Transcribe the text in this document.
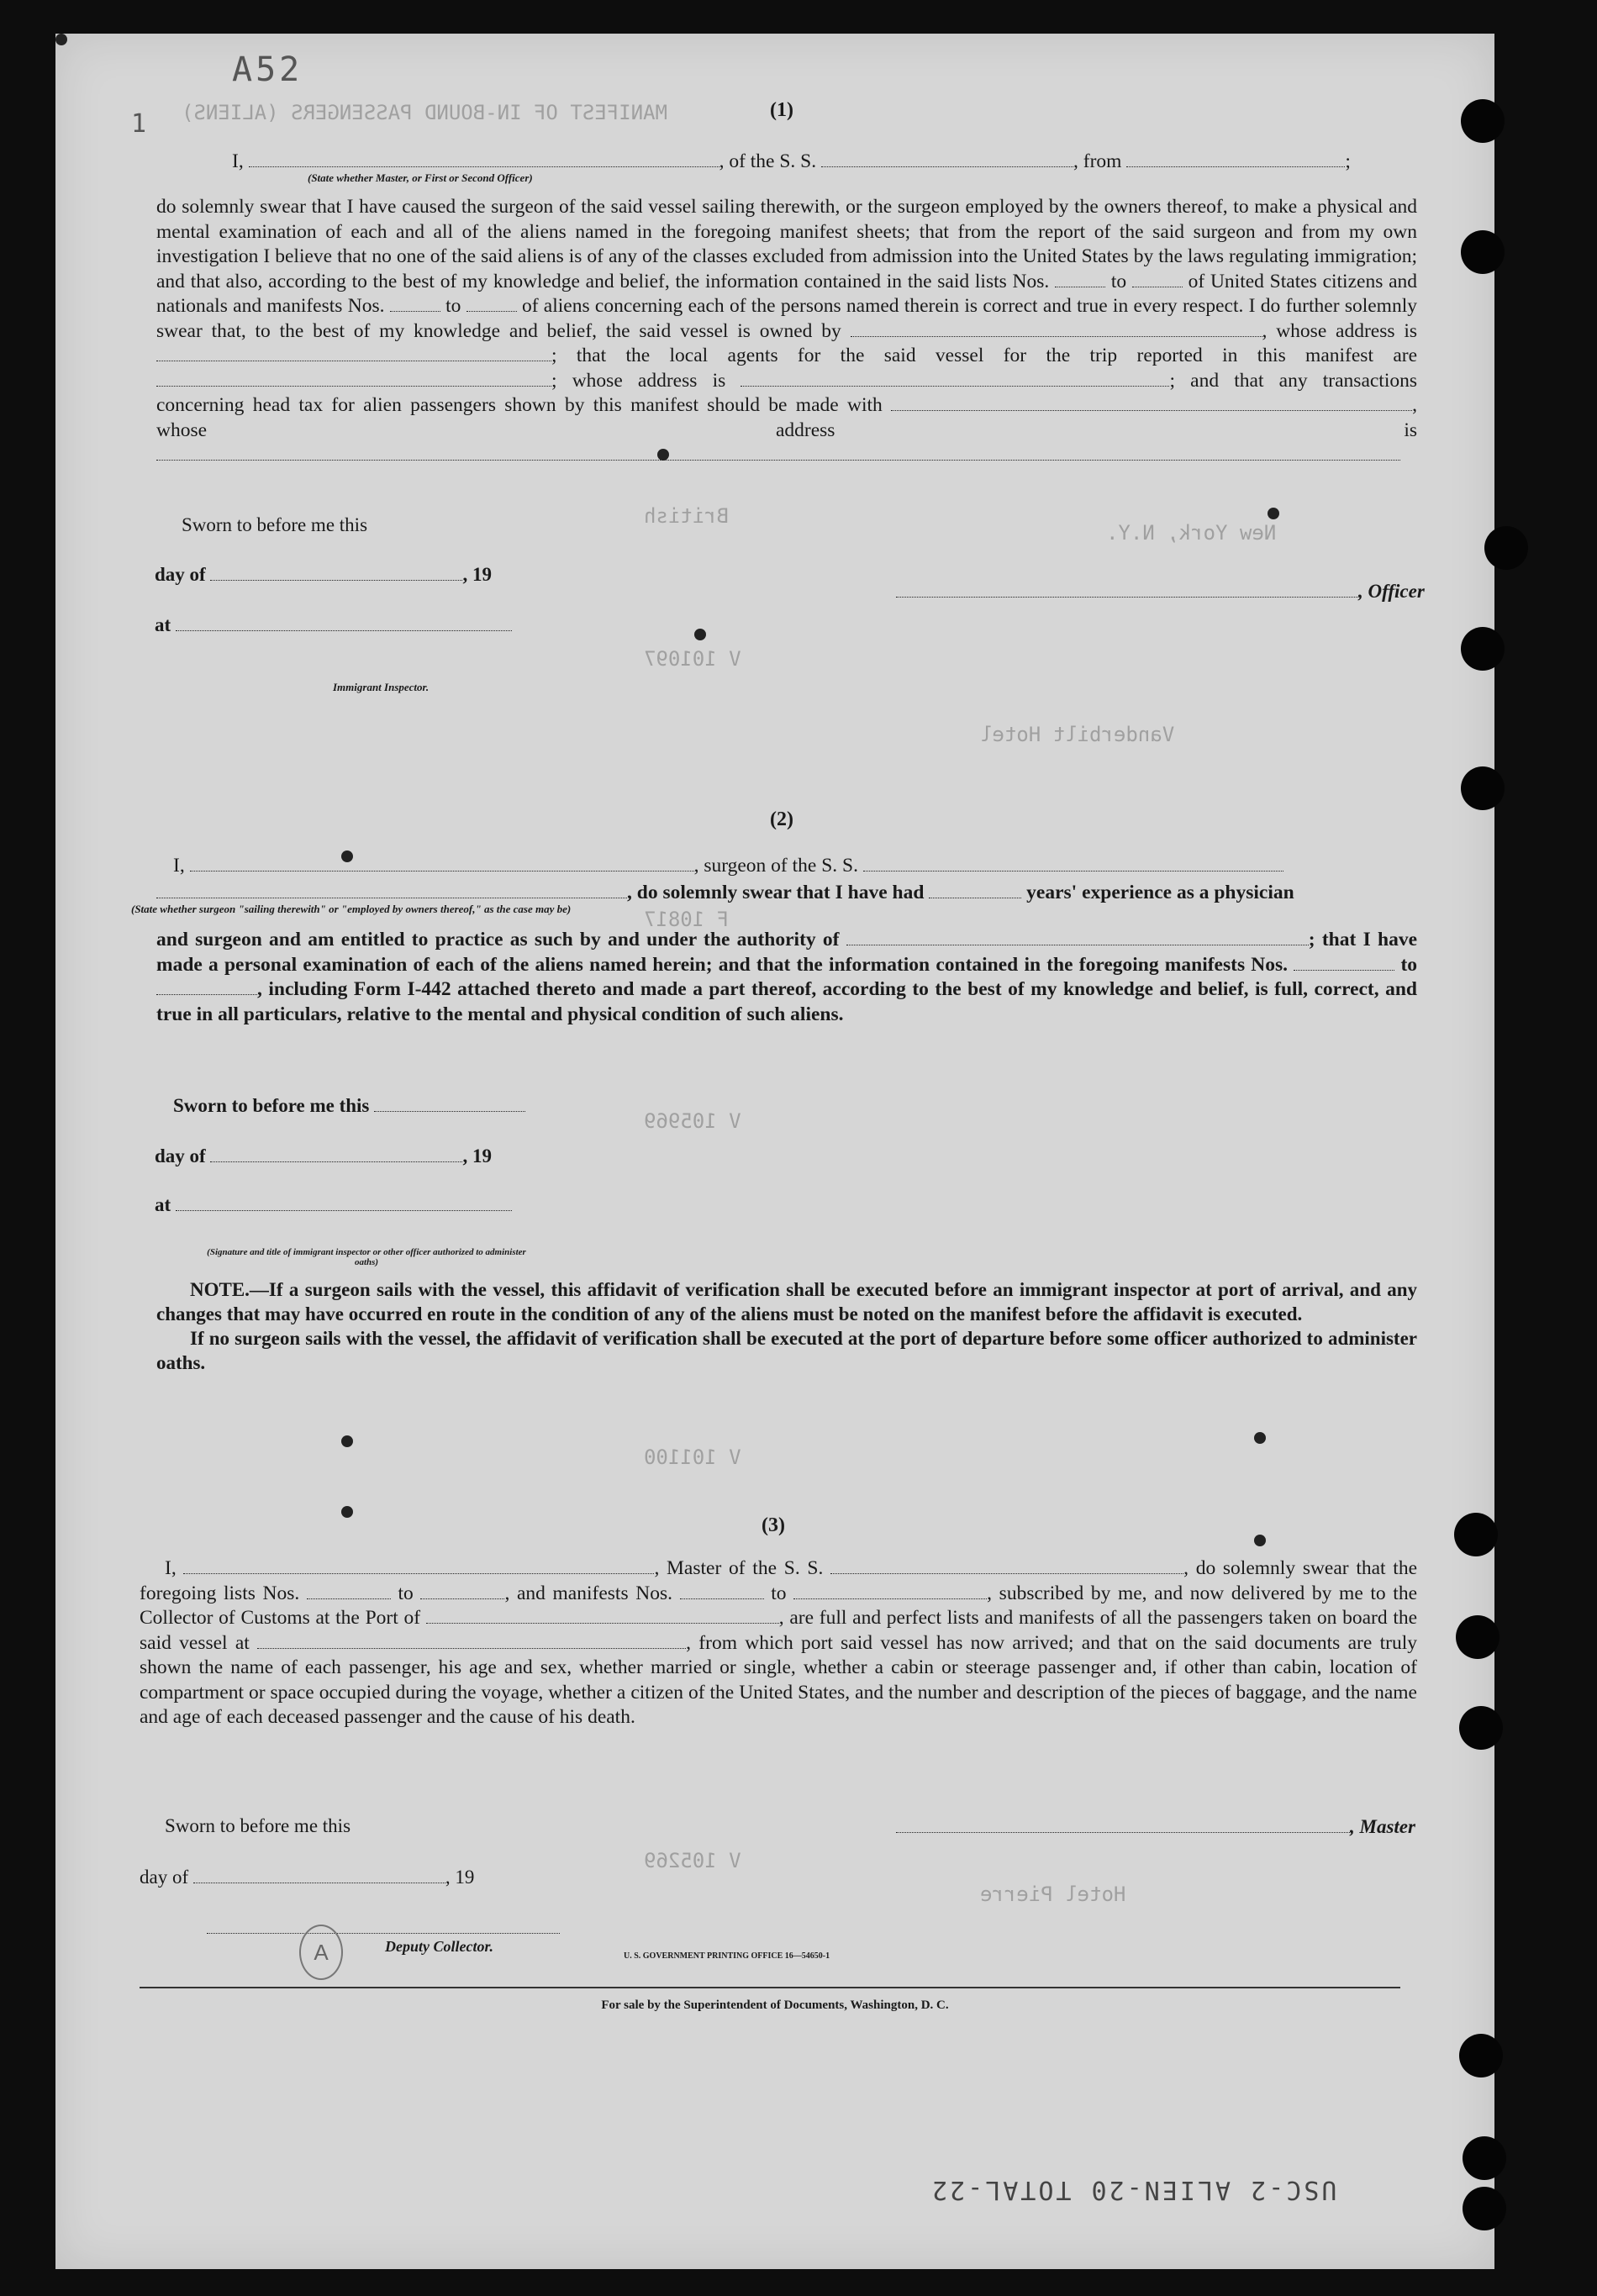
A52
1 MANIFEST OF IN-BOUND PASSENGERS (ALIENS)
British
New York, N.Y.
V 101097
Vanderbilt Hotel
F 10817
V 105969
V 101100
V 105269
Hotel Pierre
(1)
I,	, of the S. S.	, from	;
(State whether Master, or First or Second Officer)
do solemnly swear that I have caused the surgeon of the said vessel sailing therewith, or the surgeon employed by the owners thereof, to make a physical and mental examination of each and all of the aliens named in the foregoing manifest sheets; that from the report of the said surgeon and from my own investigation I believe that no one of the said aliens is of any of the classes excluded from admission into the United States by the laws regulating immigration; and that also, according to the best of my knowledge and belief, the information contained in the said lists Nos.	to	of United States citizens and nationals and manifests Nos.	to	of aliens concerning each of the persons named therein is correct and true in every respect. I do further solemnly swear that, to the best of my knowledge and belief, the said vessel is owned by	, whose address is ; that the local agents for the said vessel for the trip reported in this manifest are ; whose address is	; and that any transactions concerning head tax for alien passengers shown by this manifest should be made with	, whose address is
Sworn to before me this
day of	, 19
at
Immigrant Inspector.
, Officer
(2)
I,	, surgeon of the S. S.
, do solemnly swear that I have had	years' experience as a physician
(State whether surgeon "sailing therewith" or "employed by owners thereof," as the case may be)
and surgeon and am entitled to practice as such by and under the authority of	; that I have made a personal examination of each of the aliens named herein; and that the information contained in the foregoing manifests Nos.	to , including Form I-442 attached thereto and made a part thereof, according to the best of my knowledge and belief, is full, correct, and true in all particulars, relative to the mental and physical condition of such aliens.
Sworn to before me this
day of	, 19
at
(Signature and title of immigrant inspector or other officer authorized to administer oaths)
NOTE.—If a surgeon sails with the vessel, this affidavit of verification shall be executed before an immigrant inspector at port of arrival, and any changes that may have occurred en route in the condition of any of the aliens must be noted on the manifest before the affidavit is executed.
If no surgeon sails with the vessel, the affidavit of verification shall be executed at the port of departure before some officer authorized to administer oaths.
(3)
I,	, Master of the S. S.	, do solemnly swear that the foregoing lists Nos.	to	, and manifests Nos.	to	, subscribed by me, and now delivered by me to the Collector of Customs at the Port of	, are full and perfect lists and manifests of all the passengers taken on board the said vessel at	, from which port said vessel has now arrived; and that on the said documents are truly shown the name of each passenger, his age and sex, whether married or single, whether a cabin or steerage passenger and, if other than cabin, location of compartment or space occupied during the voyage, whether a citizen of the United States, and the number and description of the pieces of baggage, and the name and age of each deceased passenger and the cause of his death.
Sworn to before me this
day of	, 19
, Master
Deputy Collector.
A	U. S. GOVERNMENT PRINTING OFFICE 16—54650-1
For sale by the Superintendent of Documents, Washington, D. C.
USC-2 ALIEN-20 TOTAL-22
